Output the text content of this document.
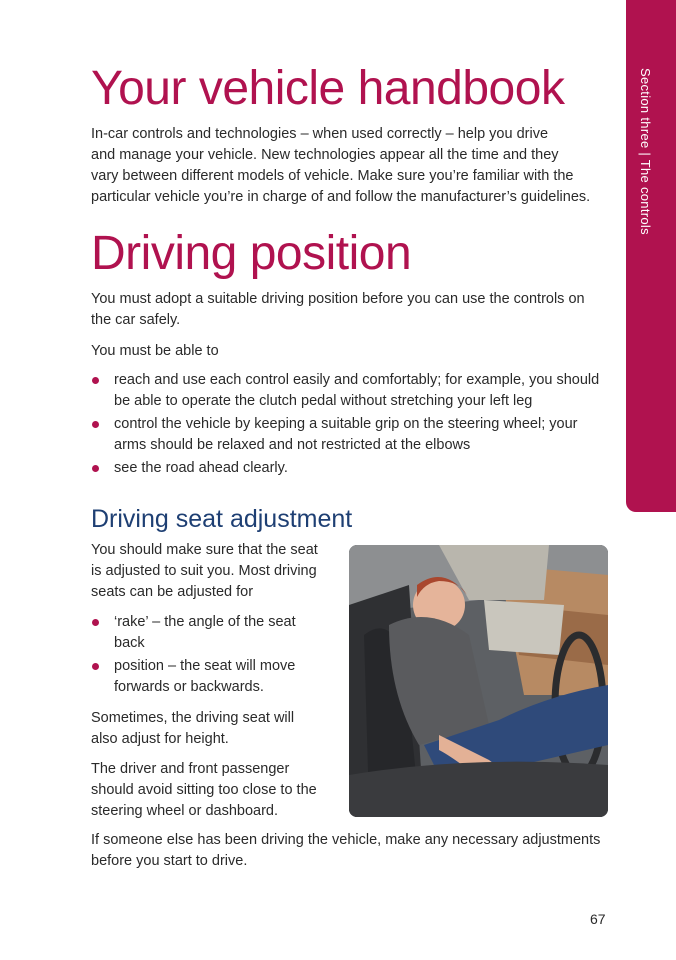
Section three | The controls
Your vehicle handbook

In-car controls and technologies – when used correctly – help you drive
and manage your vehicle. New technologies appear all the time and they
vary between different models of vehicle. Make sure you’re familiar with the
particular vehicle you’re in charge of and follow the manufacturer’s guidelines.

Driving position

You must adopt a suitable driving position before you can use the controls on
the car safely.

You must be able to

reach and use each control easily and comfortably; for example, you should
be able to operate the clutch pedal without stretching your left leg
control the vehicle by keeping a suitable grip on the steering wheel; your
arms should be relaxed and not restricted at the elbows
see the road ahead clearly.
Driving seat adjustment

You should make sure that the seat
is adjusted to suit you. Most driving
seats can be adjusted for

‘rake’ – the angle of the seat
back
position – the seat will move
forwards or backwards.

Sometimes, the driving seat will
also adjust for height.

The driver and front passenger
should avoid sitting too close to the
steering wheel or dashboard.

If someone else has been driving the vehicle, make any necessary adjustments
before you start to drive.

67
